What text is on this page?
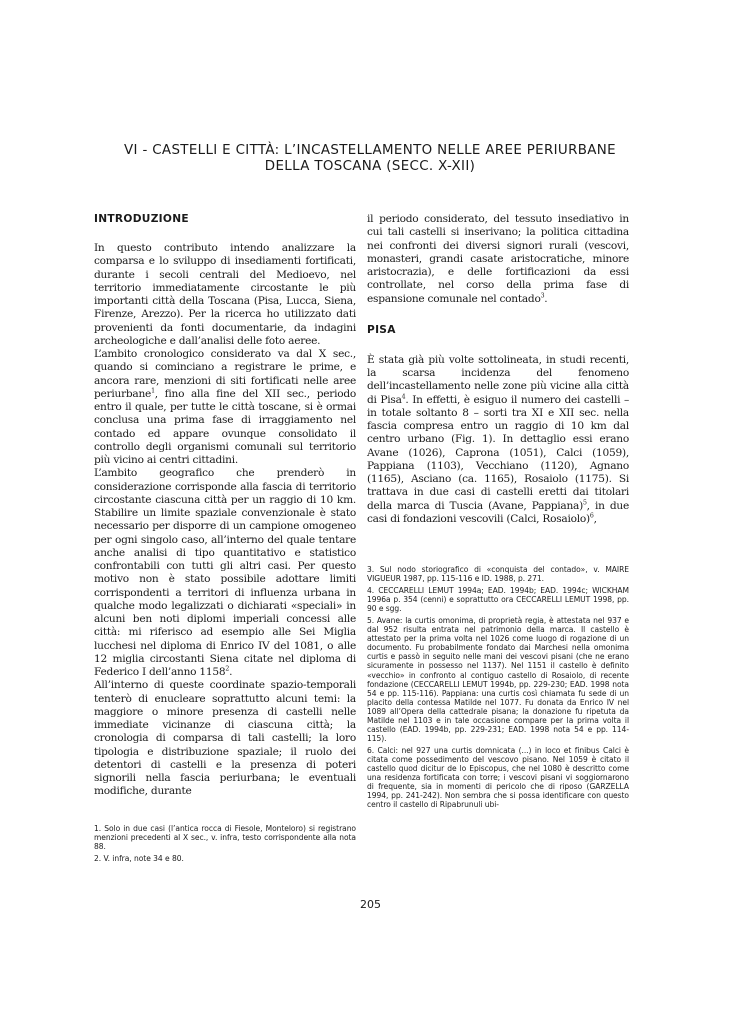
VI - CASTELLI E CITTÀ: L’INCASTELLAMENTO NELLE AREE PERIURBANE
DELLA TOSCANA (SECC. X-XII)
INTRODUZIONE

In questo contributo intendo analizzare la comparsa e lo sviluppo di insediamenti fortificati, durante i secoli centrali del Medioevo, nel territorio immediatamente circostante le più importanti città della Toscana (Pisa, Lucca, Siena, Firenze, Arezzo). Per la ricerca ho utilizzato dati provenienti da fonti documentarie, da indagini archeologiche e dall’analisi delle foto aeree.

L’ambito cronologico considerato va dal X sec., quando si cominciano a registrare le prime, e ancora rare, menzioni di siti fortificati nelle aree periurbane$^1$, fino alla fine del XII sec., periodo entro il quale, per tutte le città toscane, si è ormai conclusa una prima fase di irraggiamento nel contado ed appare ovunque consolidato il controllo degli organismi comunali sul territorio più vicino ai centri cittadini.

L’ambito geografico che prenderò in considerazione corrisponde alla fascia di territorio circostante ciascuna città per un raggio di 10 km. Stabilire un limite spaziale convenzionale è stato necessario per disporre di un campione omogeneo per ogni singolo caso, all’interno del quale tentare anche analisi di tipo quantitativo e statistico confrontabili con tutti gli altri casi. Per questo motivo non è stato possibile adottare limiti corrispondenti a territori di influenza urbana in qualche modo legalizzati o dichiarati «speciali» in alcuni ben noti diplomi imperiali concessi alle città: mi riferisco ad esempio alle Sei Miglia lucchesi nel diploma di Enrico IV del 1081, o alle 12 miglia circostanti Siena citate nel diploma di Federico I dell’anno 1158$^2$.

All’interno di queste coordinate spazio-temporali tenterò di enucleare soprattutto alcuni temi: la maggiore o minore presenza di castelli nelle immediate vicinanze di ciascuna città; la cronologia di comparsa di tali castelli; la loro tipologia e distribuzione spaziale; il ruolo dei detentori di castelli e la presenza di poteri signorili nella fascia periurbana; le eventuali modifiche, durante

il periodo considerato, del tessuto insediativo in cui tali castelli si inserivano; la politica cittadina nei confronti dei diversi signori rurali (vescovi, monasteri, grandi casate aristocratiche, minore aristocrazia), e delle fortificazioni da essi controllate, nel corso della prima fase di espansione comunale nel contado$^3$.

PISA

È stata già più volte sottolineata, in studi recenti, la scarsa incidenza del fenomeno dell’incastellamento nelle zone più vicine alla città di Pisa$^4$. In effetti, è esiguo il numero dei castelli – in totale soltanto 8 – sorti tra XI e XII sec. nella fascia compresa entro un raggio di 10 km dal centro urbano (Fig. 1). In dettaglio essi erano Avane (1026), Caprona (1051), Calci (1059), Pappiana (1103), Vecchiano (1120), Agnano (1165), Asciano (ca. 1165), Rosaiolo (1175). Si trattava in due casi di castelli eretti dai titolari della marca di Tuscia (Avane, Pappiana)$^5$, in due casi di fondazioni vescovili (Calci, Rosaiolo)$^6$,

3. Sul nodo storiografico di «conquista del contado», v. MAIRE VIGUEUR 1987, pp. 115-116 e ID. 1988, p. 271.

4. CECCARELLI LEMUT 1994a; EAD. 1994b; EAD. 1994c; WICKHAM 1996a p. 354 (cenni) e soprattutto ora CECCARELLI LEMUT 1998, pp. 90 e sgg.

5. Avane: la curtis omonima, di proprietà regia, è attestata nel 937 e dal 952 risulta entrata nel patrimonio della marca. Il castello è attestato per la prima volta nel 1026 come luogo di rogazione di un documento. Fu probabilmente fondato dai Marchesi nella omonima curtis e passò in seguito nelle mani dei vescovi pisani (che ne erano sicuramente in possesso nel 1137). Nel 1151 il castello è definito «vecchio» in confronto al contiguo castello di Rosaiolo, di recente fondazione (CECCARELLI LEMUT 1994b, pp. 229-230; EAD. 1998 nota 54 e pp. 115-116). Pappiana: una curtis così chiamata fu sede di un placito della contessa Matilde nel 1077. Fu donata da Enrico IV nel 1089 all’Opera della cattedrale pisana; la donazione fu ripetuta da Matilde nel 1103 e in tale occasione compare per la prima volta il castello (EAD. 1994b, pp. 229-231; EAD. 1998 nota 54 e pp. 114-115).

6. Calci: nel 927 una curtis domnicata (...) in loco et finibus Calci è citata come possedimento del vescovo pisano. Nel 1059 è citato il castello quod dicitur de lo Episcopus, che nel 1080 è descritto come una residenza fortificata con torre; i vescovi pisani vi soggiornarono di frequente, sia in momenti di pericolo che di riposo (GARZELLA 1994, pp. 241-242). Non sembra che si possa identificare con questo centro il castello di Ripabrunuli ubi-

1. Solo in due casi (l’antica rocca di Fiesole, Monteloro) si registrano menzioni precedenti al X sec., v. infra, testo corrispondente alla nota 88.

2. V. infra, note 34 e 80.

205
